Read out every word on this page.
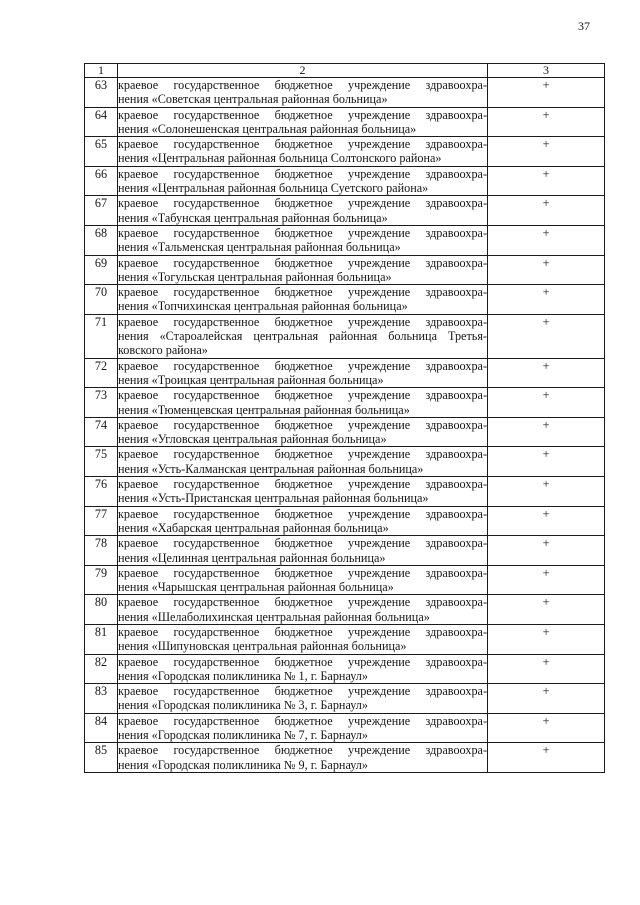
37
1	2	3
63	краевое государственное бюджетное учреждение здравоохра-
нения «Советская центральная районная больница»	+
64	краевое государственное бюджетное учреждение здравоохра-
нения «Солонешенская центральная районная больница»	+
65	краевое государственное бюджетное учреждение здравоохра-
нения «Центральная районная больница Солтонского района»	+
66	краевое государственное бюджетное учреждение здравоохра-
нения «Центральная районная больница Суетского района»	+
67	краевое государственное бюджетное учреждение здравоохра-
нения «Табунская центральная районная больница»	+
68	краевое государственное бюджетное учреждение здравоохра-
нения «Тальменская центральная районная больница»	+
69	краевое государственное бюджетное учреждение здравоохра-
нения «Тогульская центральная районная больница»	+
70	краевое государственное бюджетное учреждение здравоохра-
нения «Топчихинская центральная районная больница»	+
71	краевое государственное бюджетное учреждение здравоохра-
нения «Староалейская центральная районная больница Третья-
ковского района»	+
72	краевое государственное бюджетное учреждение здравоохра-
нения «Троицкая центральная районная больница»	+
73	краевое государственное бюджетное учреждение здравоохра-
нения «Тюменцевская центральная районная больница»	+
74	краевое государственное бюджетное учреждение здравоохра-
нения «Угловская центральная районная больница»	+
75	краевое государственное бюджетное учреждение здравоохра-
нения «Усть-Калманская центральная районная больница»	+
76	краевое государственное бюджетное учреждение здравоохра-
нения «Усть-Пристанская центральная районная больница»	+
77	краевое государственное бюджетное учреждение здравоохра-
нения «Хабарская центральная районная больница»	+
78	краевое государственное бюджетное учреждение здравоохра-
нения «Целинная центральная районная больница»	+
79	краевое государственное бюджетное учреждение здравоохра-
нения «Чарышская центральная районная больница»	+
80	краевое государственное бюджетное учреждение здравоохра-
нения «Шелаболихинская центральная районная больница»	+
81	краевое государственное бюджетное учреждение здравоохра-
нения «Шипуновская центральная районная больница»	+
82	краевое государственное бюджетное учреждение здравоохра-
нения «Городская поликлиника № 1, г. Барнаул»	+
83	краевое государственное бюджетное учреждение здравоохра-
нения «Городская поликлиника № 3, г. Барнаул»	+
84	краевое государственное бюджетное учреждение здравоохра-
нения «Городская поликлиника № 7, г. Барнаул»	+
85	краевое государственное бюджетное учреждение здравоохра-
нения «Городская поликлиника № 9, г. Барнаул»	+
